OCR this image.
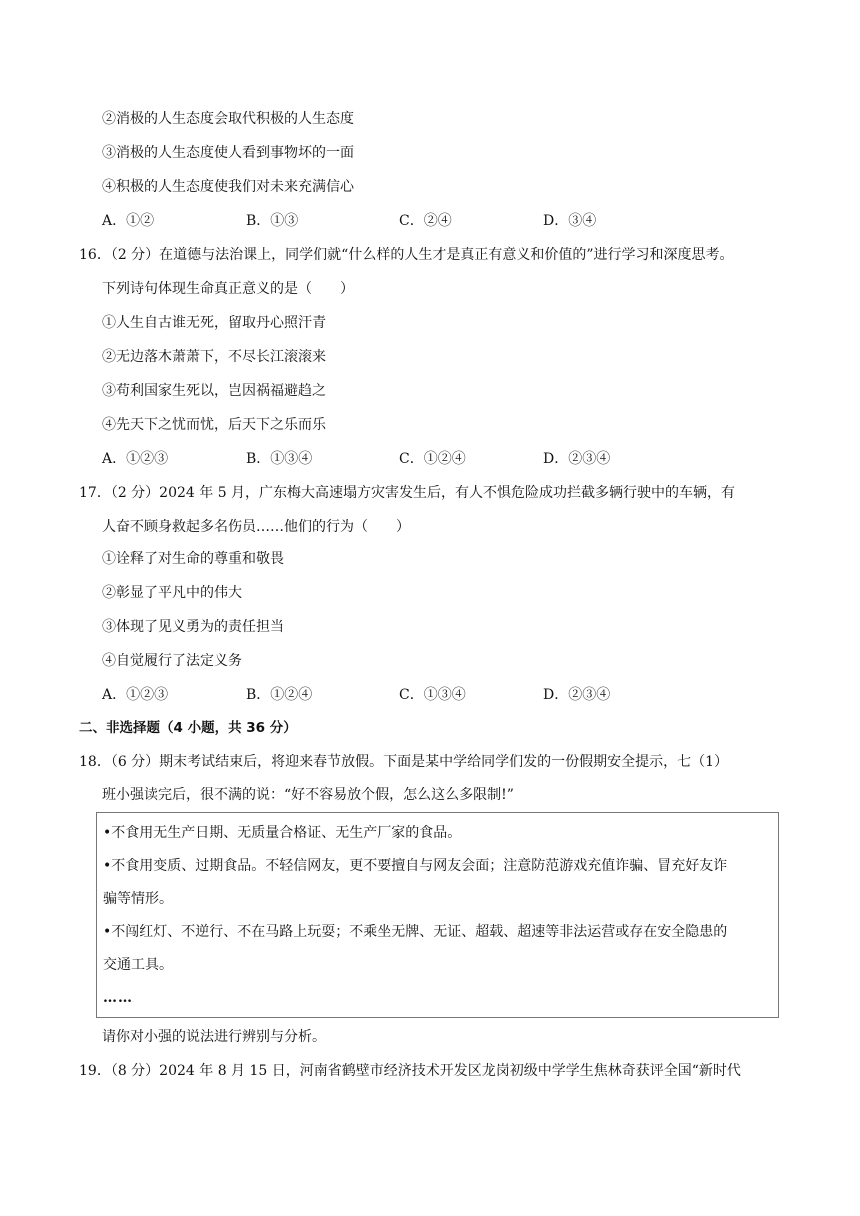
②消极的人生态度会取代积极的人生态度
③消极的人生态度使人看到事物坏的一面
④积极的人生态度使我们对未来充满信心
A．①②	B．①③	C．②④	D．③④
16．（2 分）在道德与法治课上，同学们就“什么样的人生才是真正有意义和价值的”进行学习和深度思考。
下列诗句体现生命真正意义的是（　　）
①人生自古谁无死，留取丹心照汗青
②无边落木萧萧下，不尽长江滚滚来
③苟利国家生死以，岂因祸福避趋之
④先天下之忧而忧，后天下之乐而乐
A．①②③	B．①③④	C．①②④	D．②③④
17．（2 分）2024 年 5 月，广东梅大高速塌方灾害发生后，有人不惧危险成功拦截多辆行驶中的车辆，有
人奋不顾身救起多名伤员……他们的行为（　　）
①诠释了对生命的尊重和敬畏
②彰显了平凡中的伟大
③体现了见义勇为的责任担当
④自觉履行了法定义务
A．①②③	B．①②④	C．①③④	D．②③④
二、非选择题（4 小题，共 36 分）
18．（6 分）期末考试结束后，将迎来春节放假。下面是某中学给同学们发的一份假期安全提示，七（1）
班小强读完后，很不满的说：“好不容易放个假，怎么这么多限制!”
•不食用无生产日期、无质量合格证、无生产厂家的食品。
•不食用变质、过期食品。不轻信网友，更不要擅自与网友会面；注意防范游戏充值诈骗、冒充好友诈
骗等情形。
•不闯红灯、不逆行、不在马路上玩耍；不乘坐无牌、无证、超载、超速等非法运营或存在安全隐患的
交通工具。
……
请你对小强的说法进行辨别与分析。
19．（8 分）2024 年 8 月 15 日，河南省鹤壁市经济技术开发区龙岗初级中学学生焦林奇获评全国“新时代
